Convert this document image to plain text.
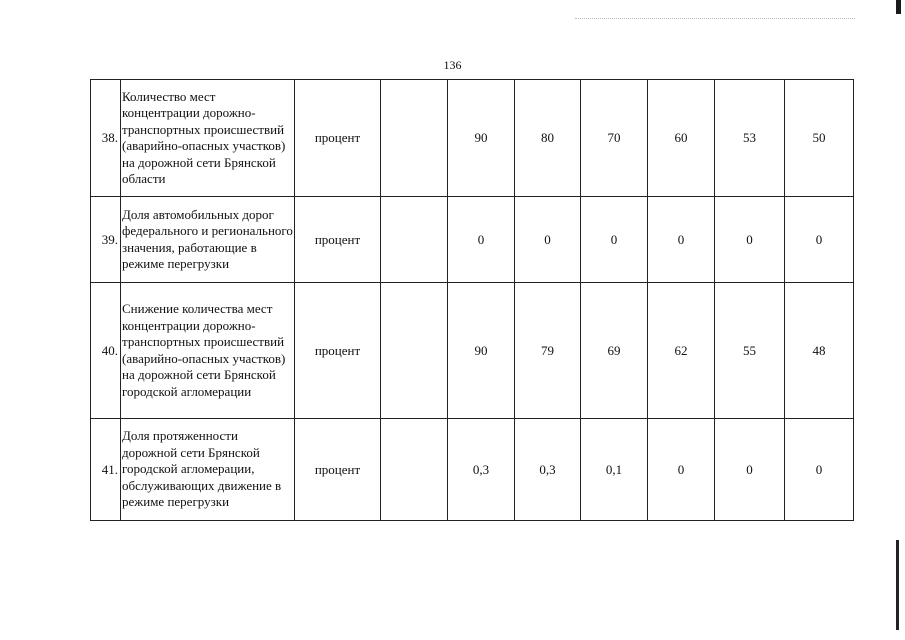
136
38.	Количество мест концентрации дорожно-транспортных происшествий (аварийно-опасных участков) на дорожной сети Брянской области	процент		90	80	70	60	53	50
39.	Доля автомобильных дорог федерального и регионального значения, работающие в режиме перегрузки	процент		0	0	0	0	0	0
40.	Снижение количества мест концентрации дорожно-транспортных происшествий (аварийно-опасных участков) на дорожной сети Брянской городской агломерации	процент		90	79	69	62	55	48
41.	Доля протяженности дорожной сети Брянской городской агломерации, обслуживающих движение в режиме перегрузки	процент		0,3	0,3	0,1	0	0	0
